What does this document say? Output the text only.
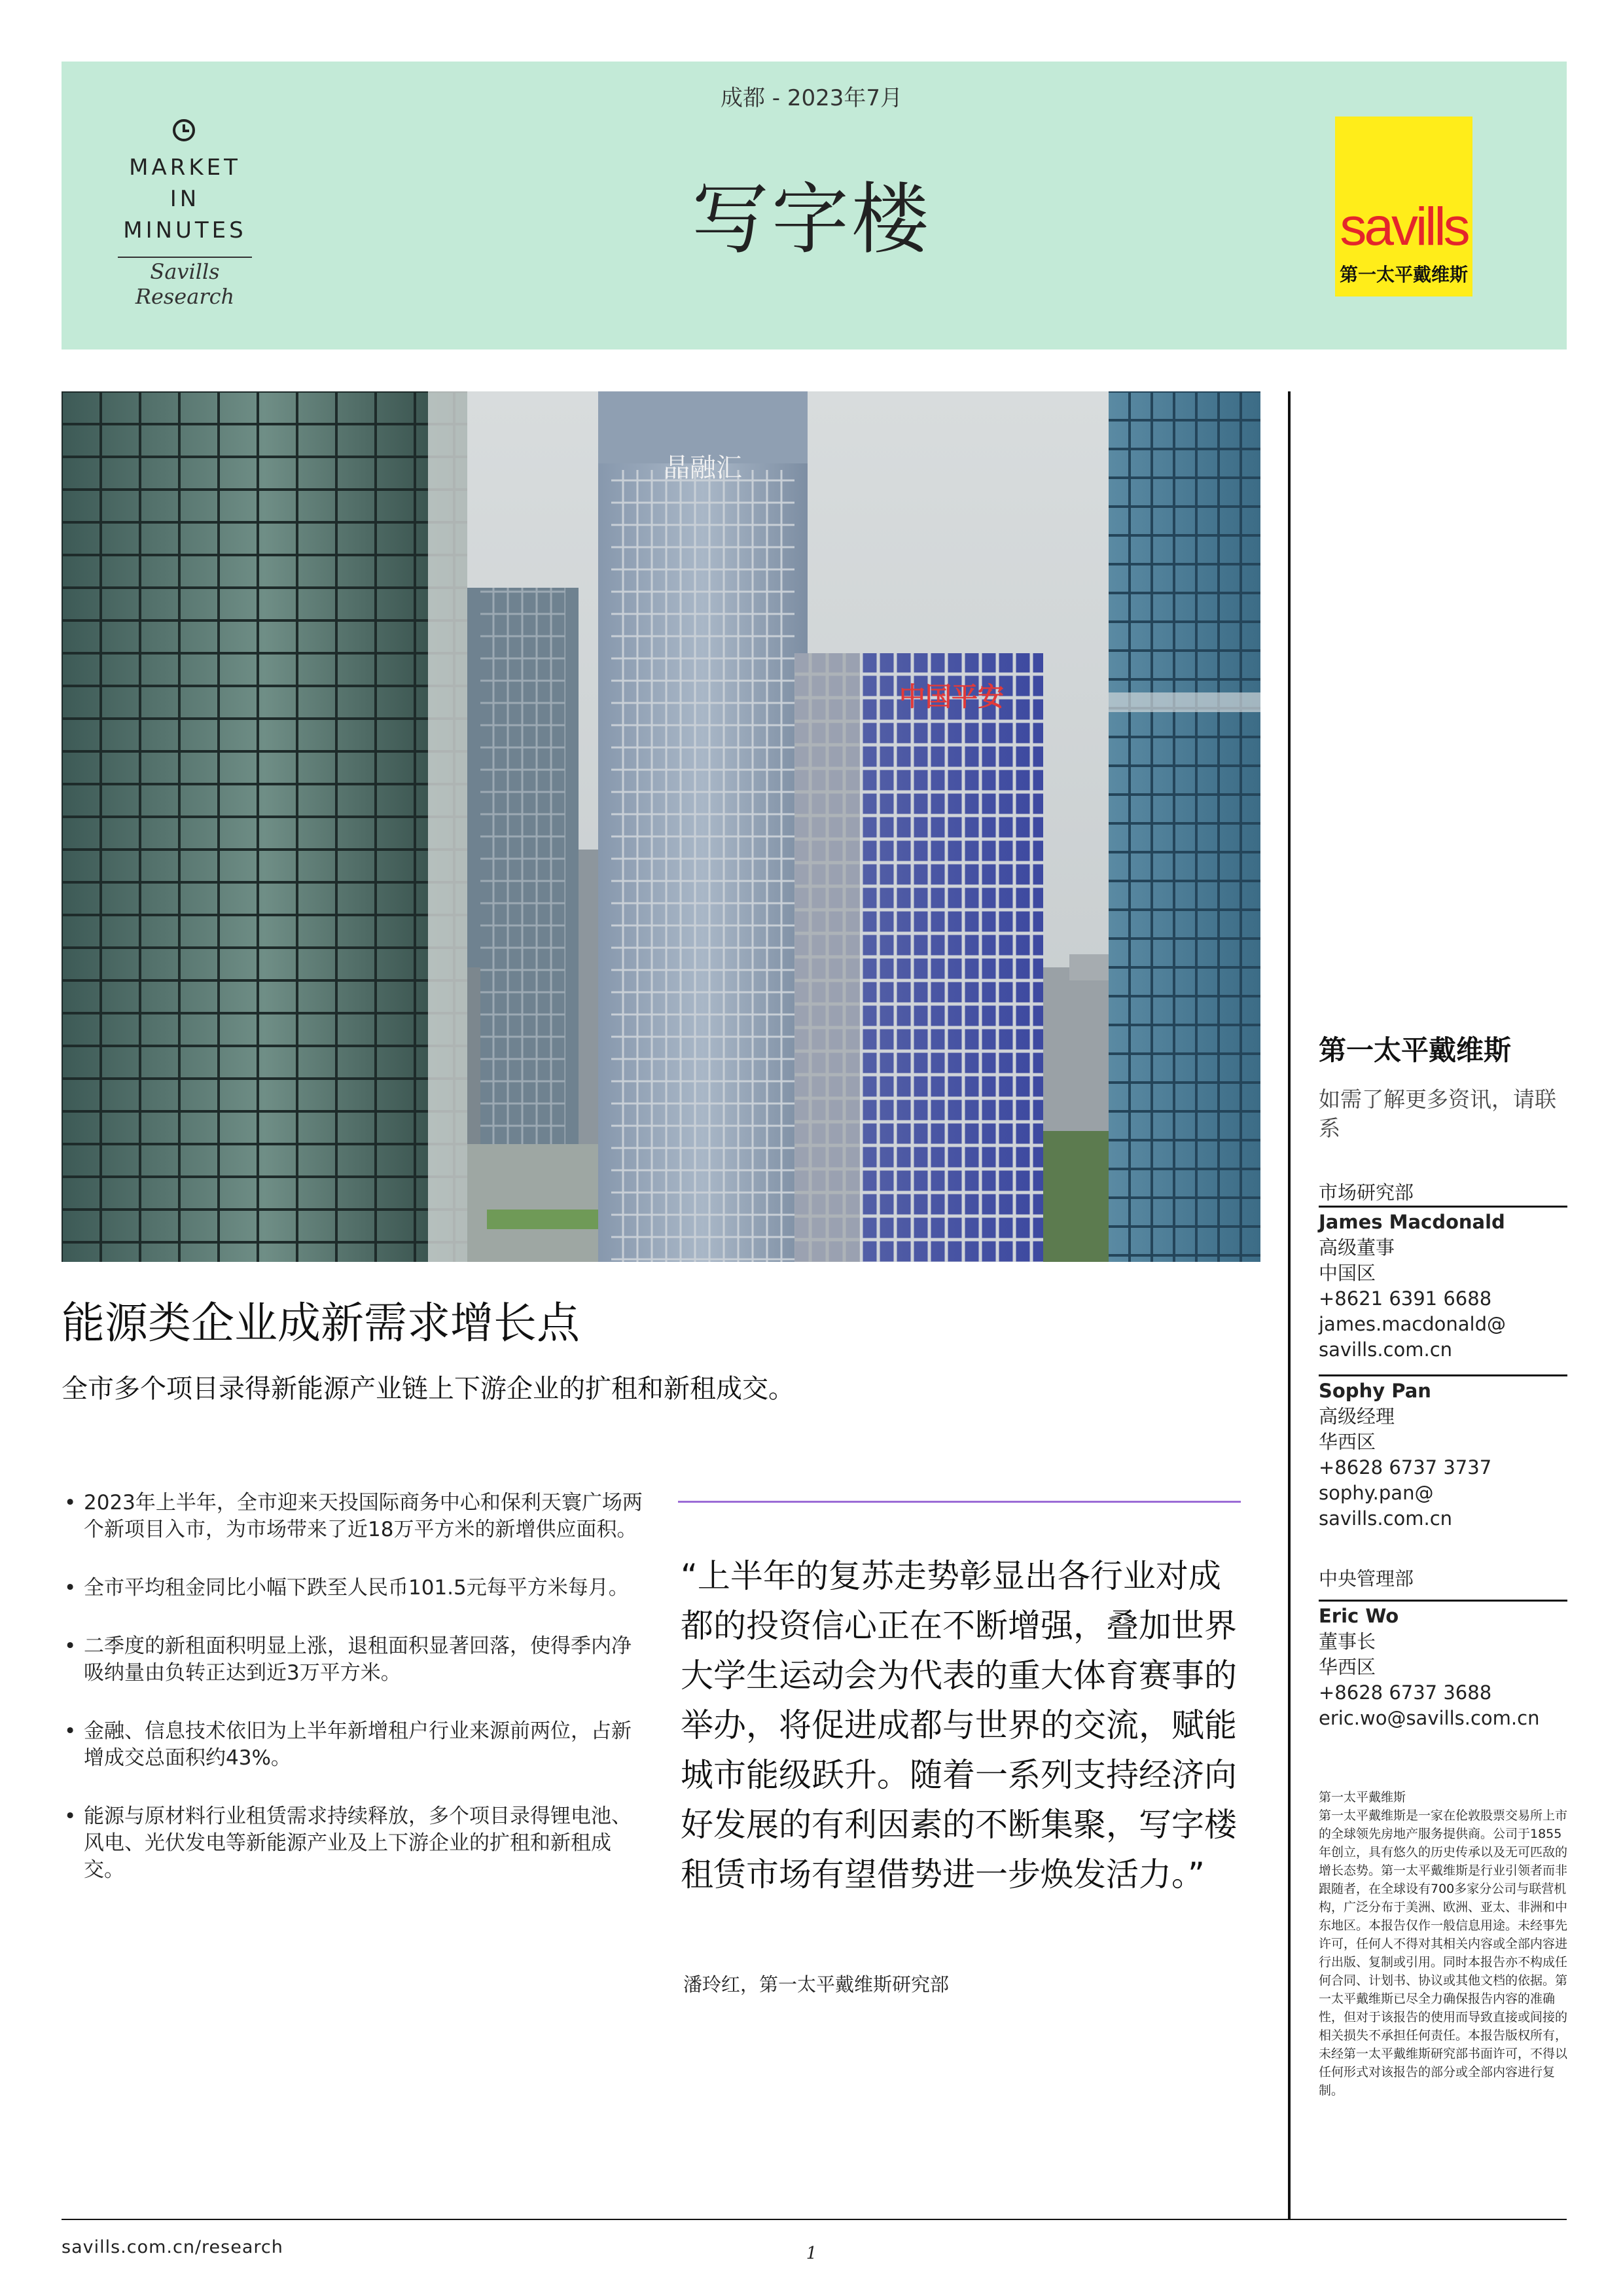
MARKET
IN
MINUTES
Savills Research
成都 - 2023年7月
写字楼	savills
第一太平戴维斯
晶融汇
中国平安
能源类企业成新需求增长点
全市多个项目录得新能源产业链上下游企业的扩租和新租成交。
• 2023年上半年，全市迎来天投国际商务中心和保利天寰广场两个新项目入市，为市场带来了近18万平方米的新增供应面积。
• 全市平均租金同比小幅下跌至人民币101.5元每平方米每月。
• 二季度的新租面积明显上涨，退租面积显著回落，使得季内净吸纳量由负转正达到近3万平方米。
• 金融、信息技术依旧为上半年新增租户行业来源前两位，占新增成交总面积约43%。
• 能源与原材料行业租赁需求持续释放，多个项目录得锂电池、风电、光伏发电等新能源产业及上下游企业的扩租和新租成交。
“上半年的复苏走势彰显出各行业对成都的投资信心正在不断增强，叠加世界大学生运动会为代表的重大体育赛事的举办，将促进成都与世界的交流，赋能城市能级跃升。随着一系列支持经济向好发展的有利因素的不断集聚，写字楼租赁市场有望借势进一步焕发活力。”
潘玲红，第一太平戴维斯研究部
第一太平戴维斯
如需了解更多资讯，请联系
市场研究部
James Macdonald
高级董事
中国区
+8621 6391 6688
james.macdonald@
savills.com.cn
Sophy Pan
高级经理
华西区
+8628 6737 3737
sophy.pan@
savills.com.cn
中央管理部
Eric Wo
董事长
华西区
+8628 6737 3688
eric.wo@savills.com.cn
第一太平戴维斯
第一太平戴维斯是一家在伦敦股票交易所上市的全球领先房地产服务提供商。公司于1855年创立，具有悠久的历史传承以及无可匹敌的增长态势。第一太平戴维斯是行业引领者而非跟随者，在全球设有700多家分公司与联营机构，广泛分布于美洲、欧洲、亚太、非洲和中东地区。本报告仅作一般信息用途。未经事先许可，任何人不得对其相关内容或全部内容进行出版、复制或引用。同时本报告亦不构成任何合同、计划书、协议或其他文档的依据。第一太平戴维斯已尽全力确保报告内容的准确性，但对于该报告的使用而导致直接或间接的相关损失不承担任何责任。本报告版权所有，未经第一太平戴维斯研究部书面许可，不得以任何形式对该报告的部分或全部内容进行复制。
savills.com.cn/research	1
